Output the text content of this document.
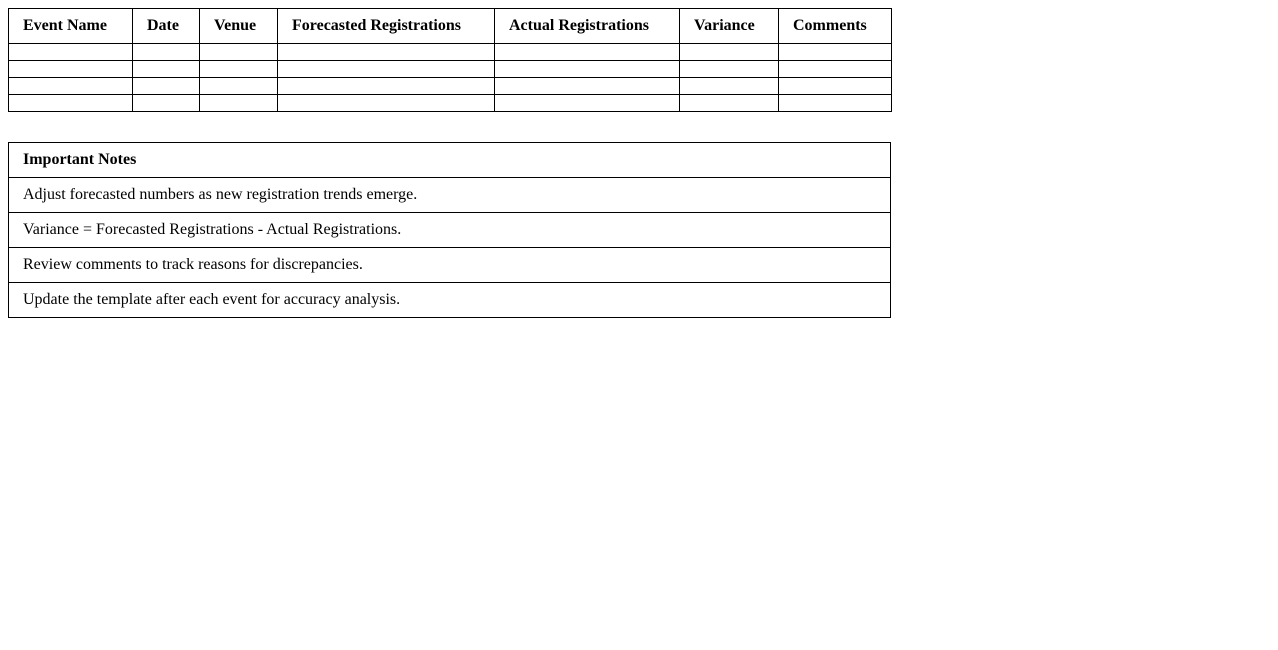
Event Name	Date	Venue	Forecasted Registrations	Actual Registrations	Variance	Comments

Important Notes
Adjust forecasted numbers as new registration trends emerge.
Variance = Forecasted Registrations - Actual Registrations.
Review comments to track reasons for discrepancies.
Update the template after each event for accuracy analysis.
